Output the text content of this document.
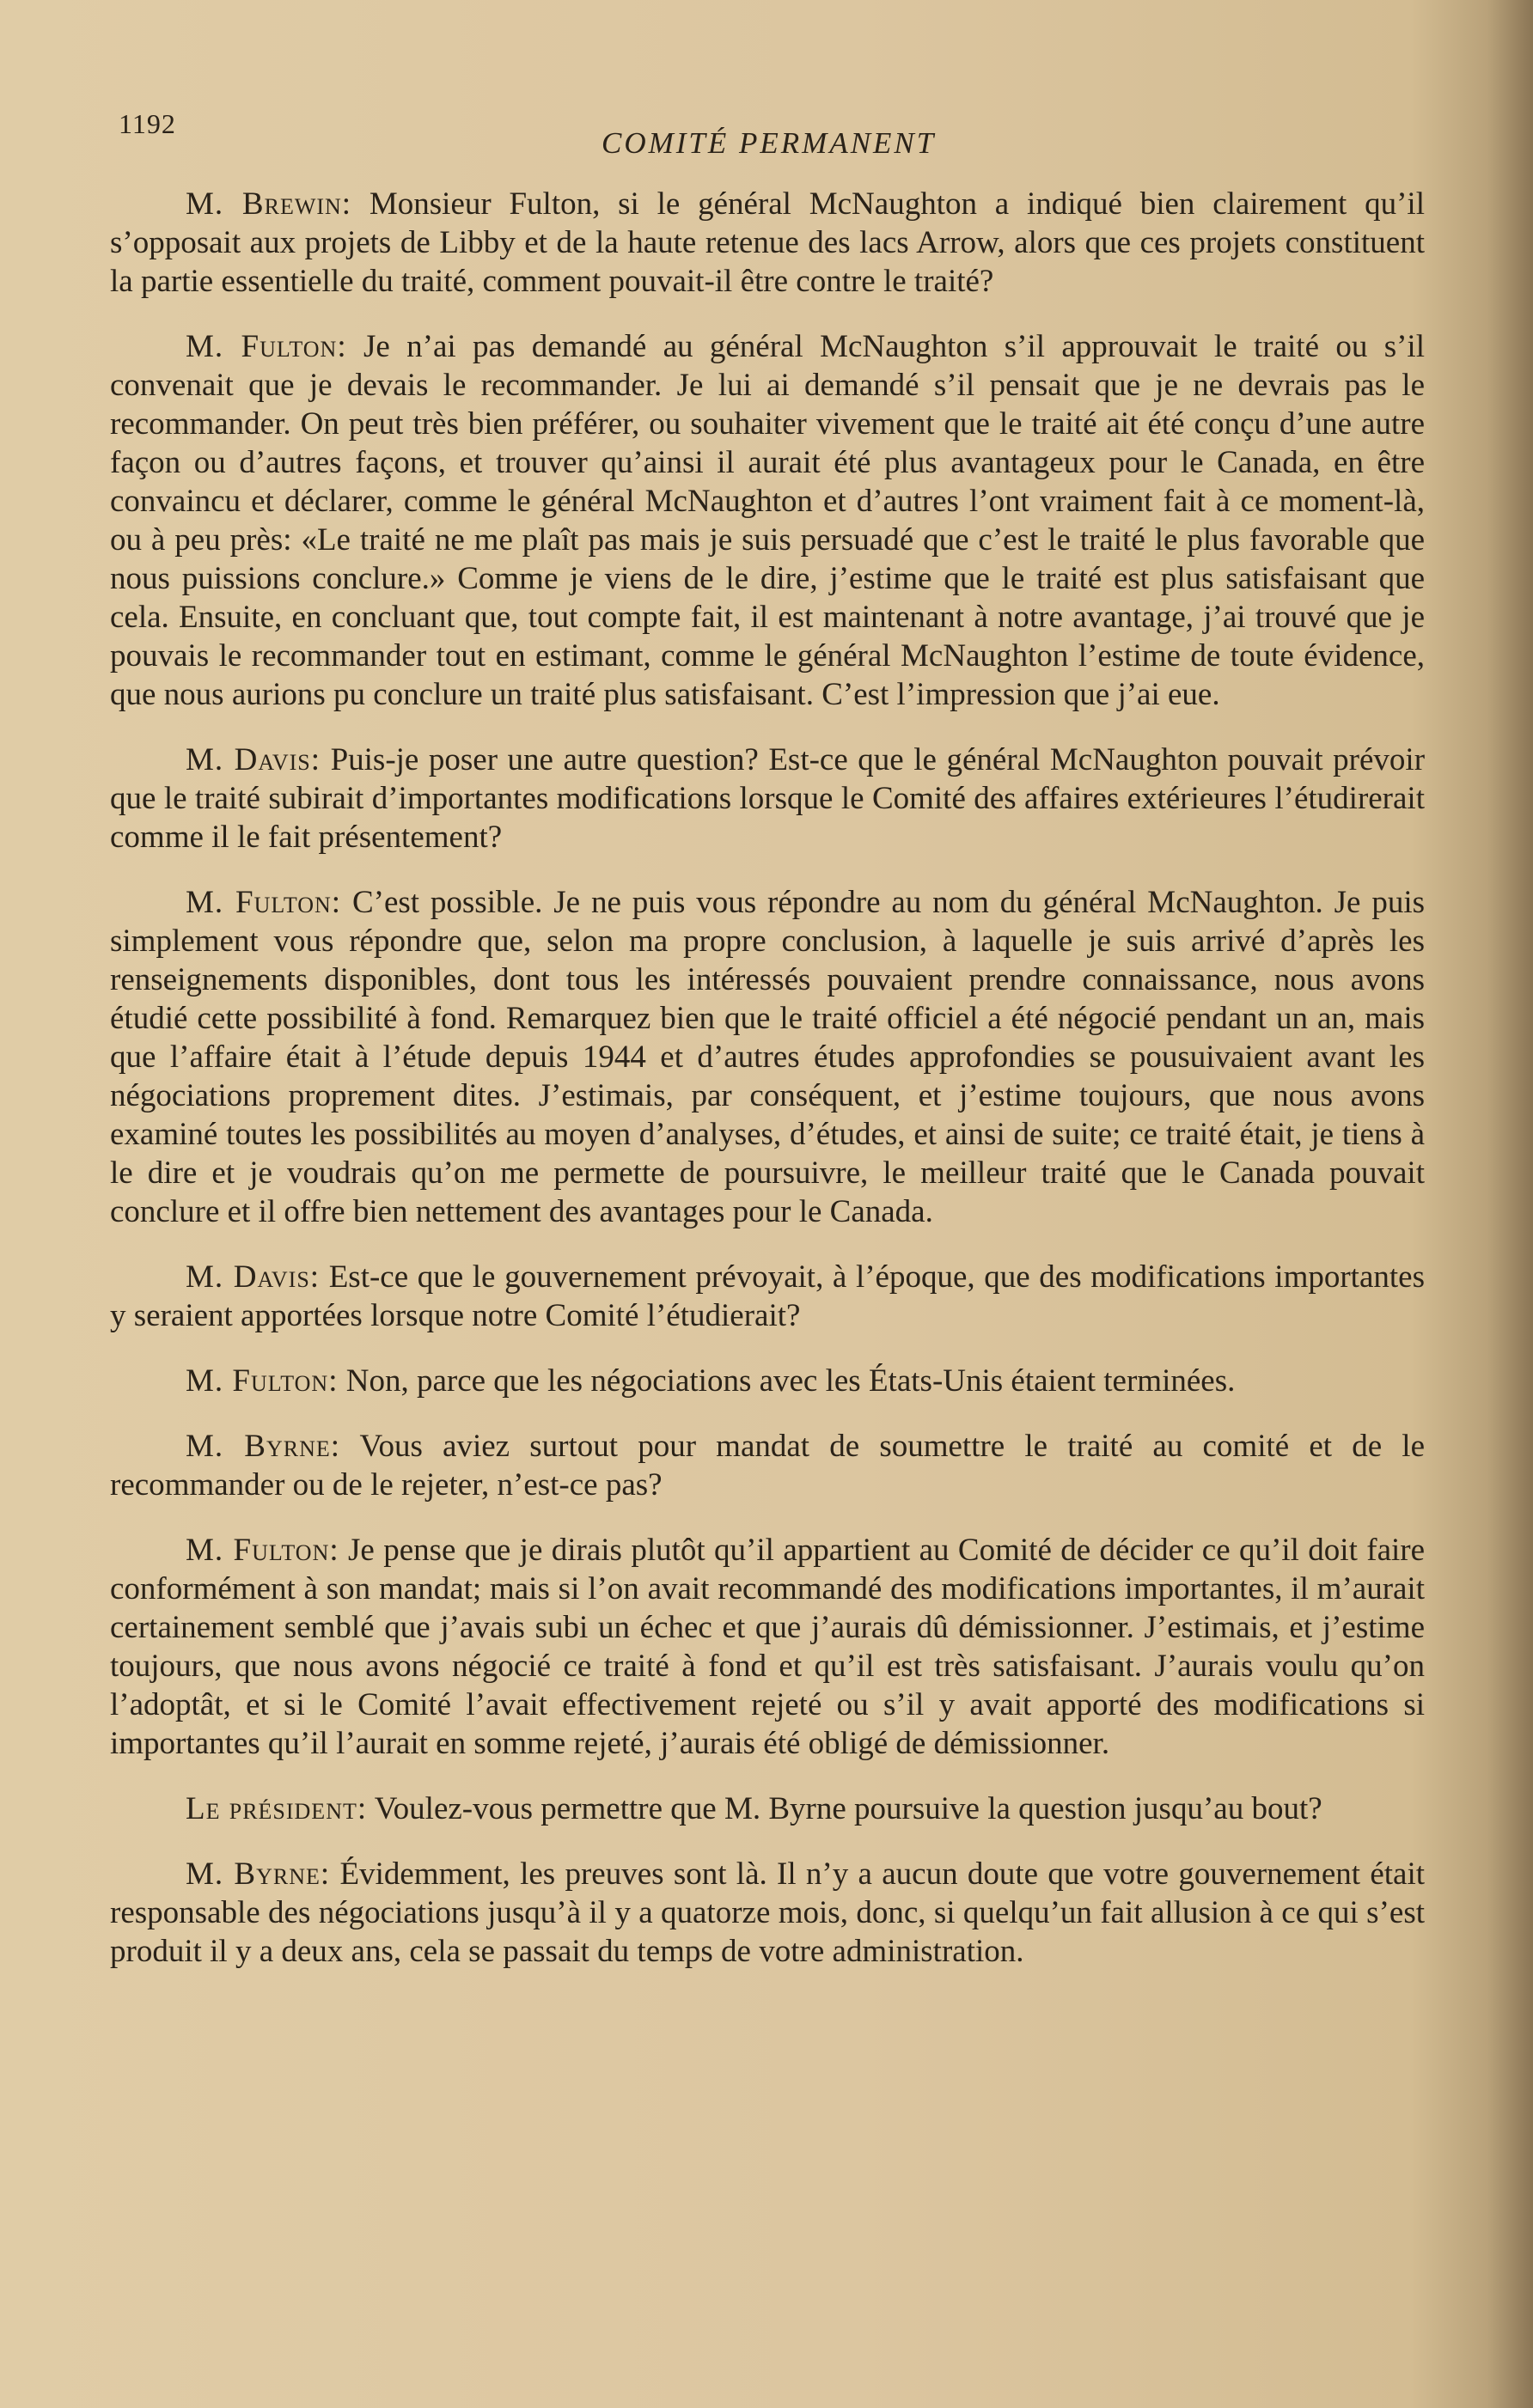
1192
COMITÉ PERMANENT

M. Brewin: Monsieur Fulton, si le général McNaughton a indiqué bien clairement qu’il s’opposait aux projets de Libby et de la haute retenue des lacs Arrow, alors que ces projets constituent la partie essentielle du traité, comment pouvait-il être contre le traité?

M. Fulton: Je n’ai pas demandé au général McNaughton s’il approuvait le traité ou s’il convenait que je devais le recommander. Je lui ai demandé s’il pensait que je ne devrais pas le recommander. On peut très bien préférer, ou souhaiter vivement que le traité ait été conçu d’une autre façon ou d’autres façons, et trouver qu’ainsi il aurait été plus avantageux pour le Canada, en être convaincu et déclarer, comme le général McNaughton et d’autres l’ont vraiment fait à ce moment-là, ou à peu près: «Le traité ne me plaît pas mais je suis persuadé que c’est le traité le plus favorable que nous puissions conclure.» Comme je viens de le dire, j’estime que le traité est plus satisfaisant que cela. Ensuite, en concluant que, tout compte fait, il est maintenant à notre avantage, j’ai trouvé que je pouvais le recommander tout en estimant, comme le général McNaughton l’estime de toute évidence, que nous aurions pu conclure un traité plus satisfaisant. C’est l’impression que j’ai eue.

M. Davis: Puis-je poser une autre question? Est-ce que le général McNaughton pouvait prévoir que le traité subirait d’importantes modifications lorsque le Comité des affaires extérieures l’étudirerait comme il le fait présentement?

M. Fulton: C’est possible. Je ne puis vous répondre au nom du général McNaughton. Je puis simplement vous répondre que, selon ma propre conclusion, à laquelle je suis arrivé d’après les renseignements disponibles, dont tous les intéressés pouvaient prendre connaissance, nous avons étudié cette possibilité à fond. Remarquez bien que le traité officiel a été négocié pendant un an, mais que l’affaire était à l’étude depuis 1944 et d’autres études approfondies se pousuivaient avant les négociations proprement dites. J’estimais, par conséquent, et j’estime toujours, que nous avons examiné toutes les possibilités au moyen d’analyses, d’études, et ainsi de suite; ce traité était, je tiens à le dire et je voudrais qu’on me permette de poursuivre, le meilleur traité que le Canada pouvait conclure et il offre bien nettement des avantages pour le Canada.

M. Davis: Est-ce que le gouvernement prévoyait, à l’époque, que des modifications importantes y seraient apportées lorsque notre Comité l’étudierait?

M. Fulton: Non, parce que les négociations avec les États-Unis étaient terminées.

M. Byrne: Vous aviez surtout pour mandat de soumettre le traité au comité et de le recommander ou de le rejeter, n’est-ce pas?

M. Fulton: Je pense que je dirais plutôt qu’il appartient au Comité de décider ce qu’il doit faire conformément à son mandat; mais si l’on avait recommandé des modifications importantes, il m’aurait certainement semblé que j’avais subi un échec et que j’aurais dû démissionner. J’estimais, et j’estime toujours, que nous avons négocié ce traité à fond et qu’il est très satisfaisant. J’aurais voulu qu’on l’adoptât, et si le Comité l’avait effectivement rejeté ou s’il y avait apporté des modifications si importantes qu’il l’aurait en somme rejeté, j’aurais été obligé de démissionner.

Le président: Voulez-vous permettre que M. Byrne poursuive la question jusqu’au bout?

M. Byrne: Évidemment, les preuves sont là. Il n’y a aucun doute que votre gouvernement était responsable des négociations jusqu’à il y a quatorze mois, donc, si quelqu’un fait allusion à ce qui s’est produit il y a deux ans, cela se passait du temps de votre administration.
